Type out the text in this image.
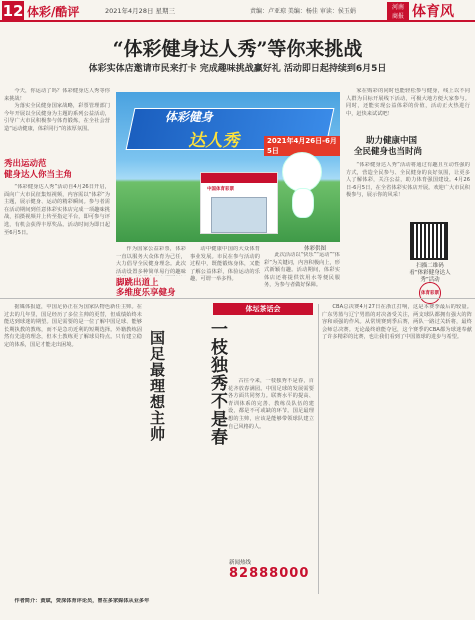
12 体彩/酷评	2021年4月28日 星期三	责编：卢亚琼 美编：杨佳 审读：侯玉娟
河南
商报 体育风
“体彩健身达人秀”等你来挑战
体彩实体店邀请市民来打卡 完成趣味挑战赢好礼 活动即日起持续到6月5日

今天，你运动了吗？体彩健身达人秀等你来挑战！

为落实全民健身国家战略，彩票管理部门今年开展以全民健身为主题的系列公益活动，引导广大市民积极参与体育锻炼，在全社会营造“运动健康，体彩同行”的浓厚氛围。

体彩健身
达人秀	2021年4月26日-6月5日
中国体育彩票
体彩供图
秀出运动范
健身达人你当主角

“体彩健身达人秀”活动自4月26日开启，面向广大市民征集短视频，内容需以“体彩”为主题，展示健身、运动的精彩瞬间。参与者需在活动期间到任意体彩实体店完成一项趣味挑战，拍摄视频并上传至指定平台，即可参与评选，有机会获得丰厚奖品。活动时间为即日起至6月5日。

作为国家公益彩票，体彩一直以服务大众体育为己任，大力倡导全民健身理念。此次活动设置多种简单易行的趣味

脚跳出道上
多维度乐享健身

动中健康中国的大众体育事业发展。市民在参与活动的过程中，既能锻炼身体，又能了解公益体彩，体验运动的乐趣，可谓一举多得。

此次活动以“快乐”“运动”“体彩”为关键词，内容积极向上，形式新颖有趣。活动期间，体彩实体店还将提供饮用水等便民服务，为参与者做好保障。

家在购彩的同时也能轻松参与健身，线上以不同人群为目标开展线下活动，可极大地方便大家参与。同时，还能实现公益体彩的价值，活动正火热进行中，赶快来试试吧！

助力健康中国
全民健身也当时尚

“体彩健身达人秀”活动将通过有趣且互动性强的方式，营造全民参与、全民健身的良好氛围，让更多人了解体彩，关注公益，助力体育强国建设。4月26日-6月5日，在全省体彩实体店开展。欢迎广大市民积极参与，展示你的风采！

扫描二维码
看“体彩健身达人秀”活动
体育彩票

据媒体报道，中国足协正在为国家队物色新任主帅。在过去的几年里，国足经历了多位主帅的更替，但成绩始终未能达到球迷的期望。国足需要的是一位了解中国足球、能够长期执教的教练，而不是急功近利的短期选择。外籍教练固然有先进的理念，但本土教练更了解球员特点。只有建立稳定的体系，国足才能走出困境。	国足最理想主帅
体坛茶话会
一枝独秀不是春	古往今来，一枝独秀不是春，百花齐放春满园。中国足球的发展需要各方面共同努力。联赛水平的提高、青训体系的完善、教练员队伍的建设，都是不可或缺的环节。国足最理想的主帅，应该是能够带领球队建立自己风格的人。

新闻热线
82888000

CBA总决赛4月27日在浙江打响，这是本赛季最后的较量。广东男篮与辽宁男篮的对决备受关注，两支球队都拥有强大的阵容和顽强的作风。从常规赛到季后赛，两队一路过关斩将，最终会师总决赛。无论最终谁能夺冠，这个赛季的CBA都为球迷奉献了许多精彩的比赛，也让我们看到了中国篮球的进步与希望。

作者简介：黄斌，资深体育评论员，曾在多家媒体从业多年
